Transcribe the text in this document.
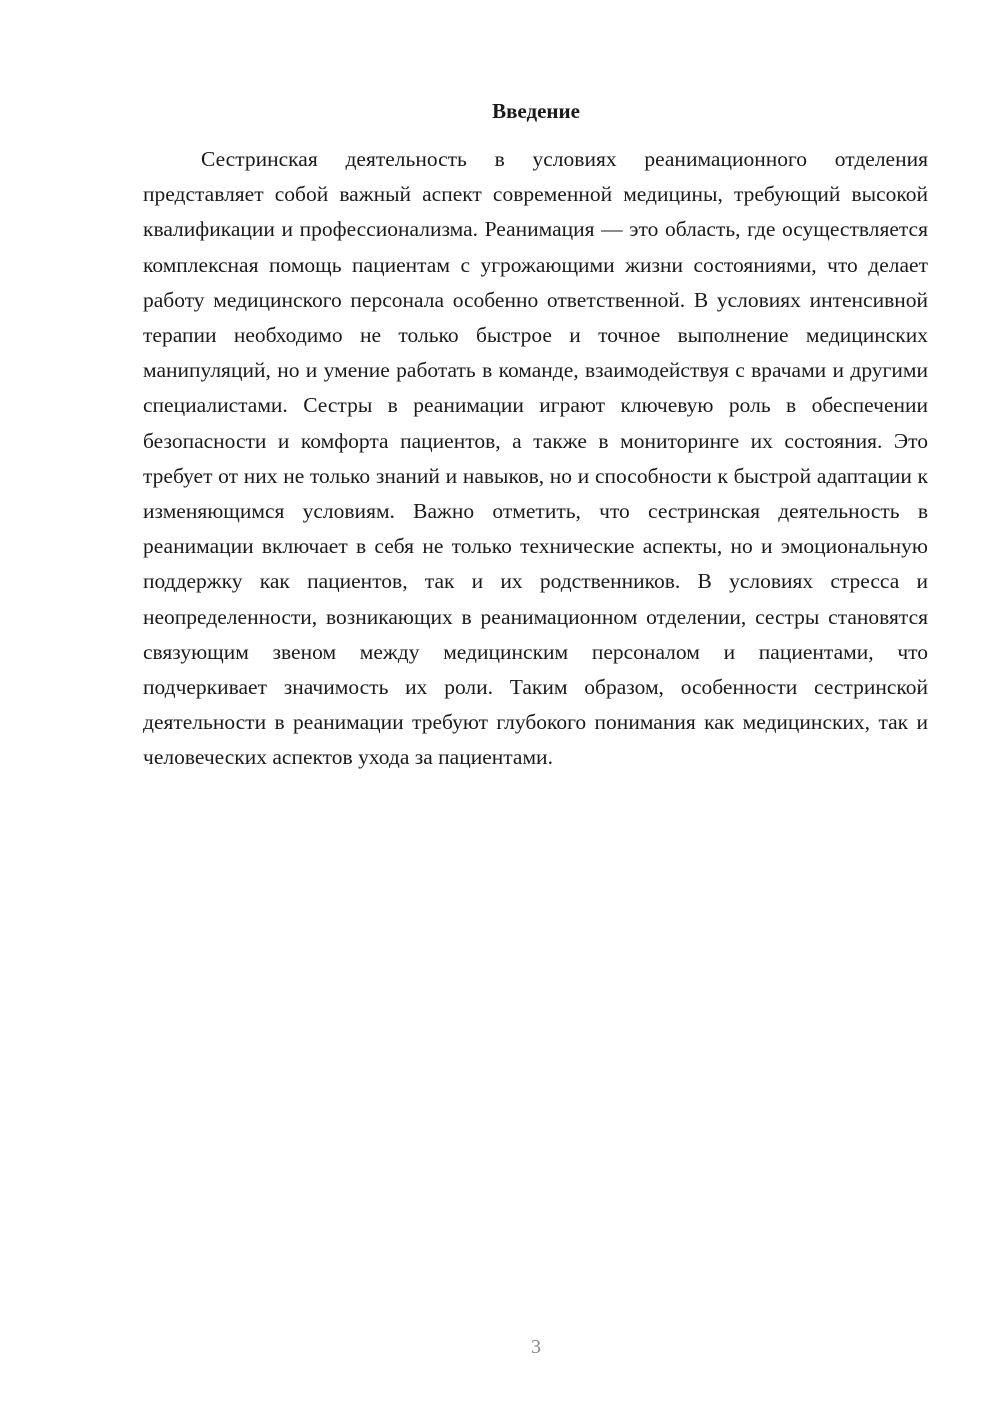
Введение

Сестринская деятельность в условиях реанимационного отделения представляет собой важный аспект современной медицины, требующий высокой квалификации и профессионализма. Реанимация — это область, где осуществляется комплексная помощь пациентам с угрожающими жизни состояниями, что делает работу медицинского персонала особенно ответственной. В условиях интенсивной терапии необходимо не только быстрое и точное выполнение медицинских манипуляций, но и умение работать в команде, взаимодействуя с врачами и другими специалистами. Сестры в реанимации играют ключевую роль в обеспечении безопасности и комфорта пациентов, а также в мониторинге их состояния. Это требует от них не только знаний и навыков, но и способности к быстрой адаптации к изменяющимся условиям. Важно отметить, что сестринская деятельность в реанимации включает в себя не только технические аспекты, но и эмоциональную поддержку как пациентов, так и их родственников. В условиях стресса и неопределенности, возникающих в реанимационном отделении, сестры становятся связующим звеном между медицинским персоналом и пациентами, что подчеркивает значимость их роли. Таким образом, особенности сестринской деятельности в реанимации требуют глубокого понимания как медицинских, так и человеческих аспектов ухода за пациентами.

3
